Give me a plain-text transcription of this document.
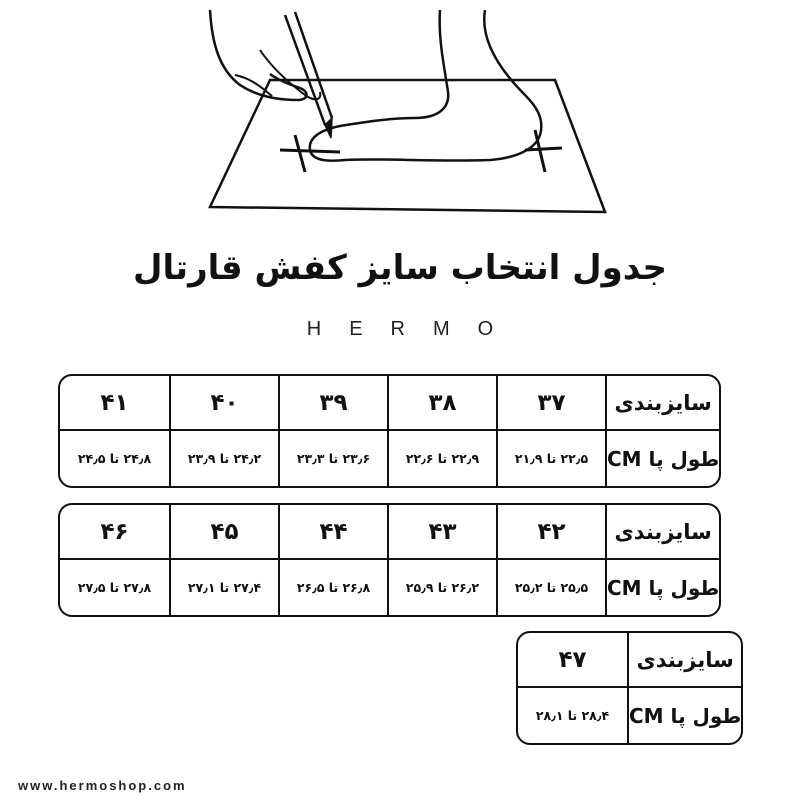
جدول انتخاب سایز کفش قارتال
HERMO
سایزبندی	۳۷	۳۸	۳۹	۴۰	۴۱
طول پا CM	۲۲٫۵ تا ۲۱٫۹	۲۲٫۹ تا ۲۲٫۶	۲۳٫۶ تا ۲۳٫۳	۲۴٫۲ تا ۲۳٫۹	۲۴٫۸ تا ۲۴٫۵
سایزبندی	۴۲	۴۳	۴۴	۴۵	۴۶
طول پا CM	۲۵٫۵ تا ۲۵٫۲	۲۶٫۲ تا ۲۵٫۹	۲۶٫۸ تا ۲۶٫۵	۲۷٫۴ تا ۲۷٫۱	۲۷٫۸ تا ۲۷٫۵
سایزبندی	۴۷
طول پا CM	۲۸٫۴ تا ۲۸٫۱
www.hermoshop.com
